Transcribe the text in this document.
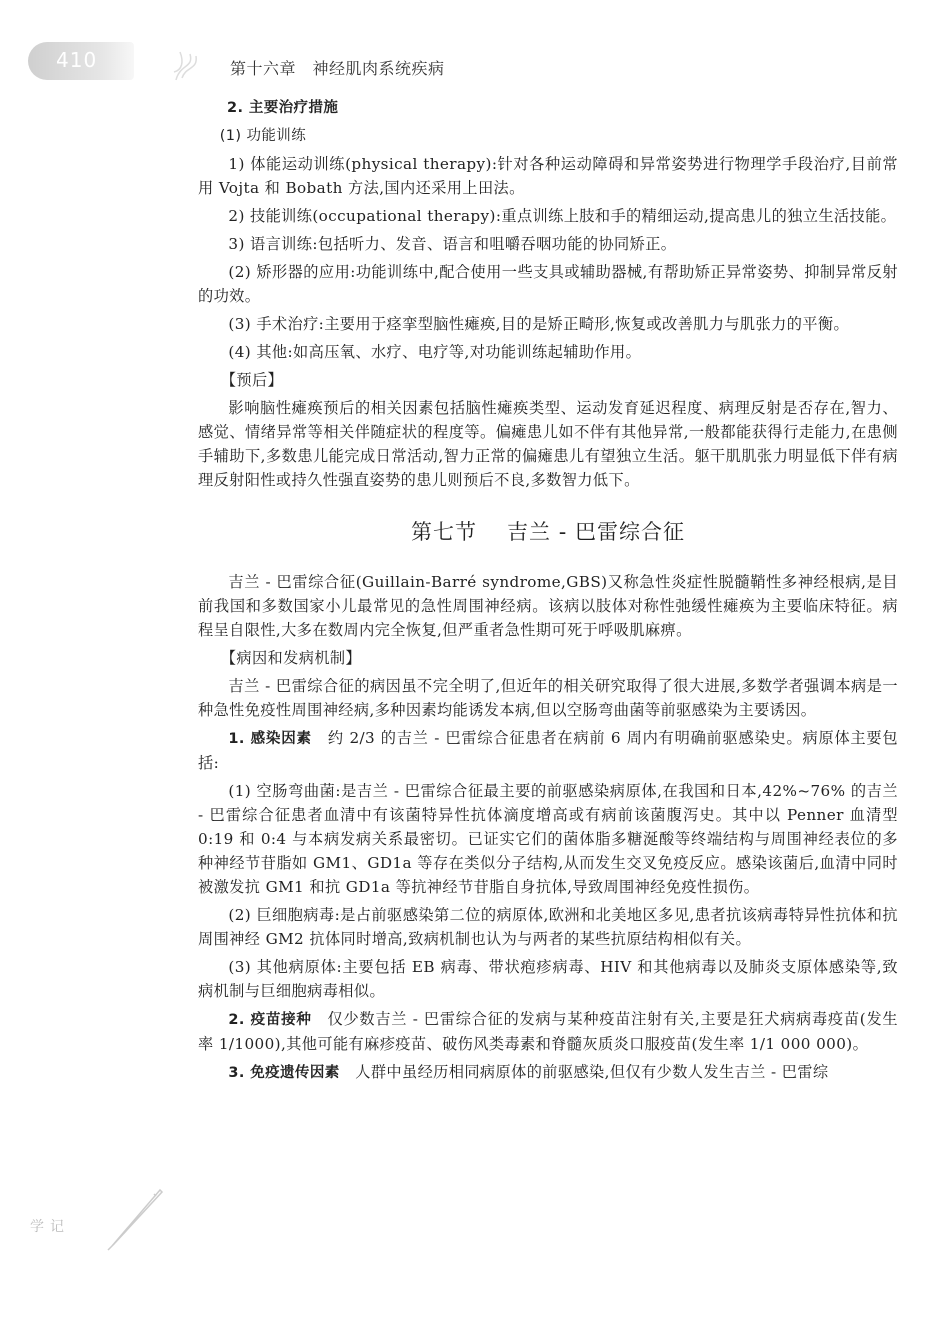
410	第十六章　神经肌肉系统疾病

2. 主要治疗措施

(1) 功能训练

1) 体能运动训练(physical therapy):针对各种运动障碍和异常姿势进行物理学手段治疗,目前常用 Vojta 和 Bobath 方法,国内还采用上田法。

2) 技能训练(occupational therapy):重点训练上肢和手的精细运动,提高患儿的独立生活技能。

3) 语言训练:包括听力、发音、语言和咀嚼吞咽功能的协同矫正。

(2) 矫形器的应用:功能训练中,配合使用一些支具或辅助器械,有帮助矫正异常姿势、抑制异常反射的功效。

(3) 手术治疗:主要用于痉挛型脑性瘫痪,目的是矫正畸形,恢复或改善肌力与肌张力的平衡。

(4) 其他:如高压氧、水疗、电疗等,对功能训练起辅助作用。

【预后】

影响脑性瘫痪预后的相关因素包括脑性瘫痪类型、运动发育延迟程度、病理反射是否存在,智力、感觉、情绪异常等相关伴随症状的程度等。偏瘫患儿如不伴有其他异常,一般都能获得行走能力,在患侧手辅助下,多数患儿能完成日常活动,智力正常的偏瘫患儿有望独立生活。躯干肌肌张力明显低下伴有病理反射阳性或持久性强直姿势的患儿则预后不良,多数智力低下。

第七节 吉兰 - 巴雷综合征

吉兰 - 巴雷综合征(Guillain-Barré syndrome,GBS)又称急性炎症性脱髓鞘性多神经根病,是目前我国和多数国家小儿最常见的急性周围神经病。该病以肢体对称性弛缓性瘫痪为主要临床特征。病程呈自限性,大多在数周内完全恢复,但严重者急性期可死于呼吸肌麻痹。

【病因和发病机制】

吉兰 - 巴雷综合征的病因虽不完全明了,但近年的相关研究取得了很大进展,多数学者强调本病是一种急性免疫性周围神经病,多种因素均能诱发本病,但以空肠弯曲菌等前驱感染为主要诱因。

1. 感染因素　 约 2/3 的吉兰 - 巴雷综合征患者在病前 6 周内有明确前驱感染史。病原体主要包括:

(1) 空肠弯曲菌:是吉兰 - 巴雷综合征最主要的前驱感染病原体,在我国和日本,42%~76% 的吉兰 - 巴雷综合征患者血清中有该菌特异性抗体滴度增高或有病前该菌腹泻史。其中以 Penner 血清型 0:19 和 0:4 与本病发病关系最密切。已证实它们的菌体脂多糖涎酸等终端结构与周围神经表位的多种神经节苷脂如 GM1、GD1a 等存在类似分子结构,从而发生交叉免疫反应。感染该菌后,血清中同时被激发抗 GM1 和抗 GD1a 等抗神经节苷脂自身抗体,导致周围神经免疫性损伤。

(2) 巨细胞病毒:是占前驱感染第二位的病原体,欧洲和北美地区多见,患者抗该病毒特异性抗体和抗周围神经 GM2 抗体同时增高,致病机制也认为与两者的某些抗原结构相似有关。

(3) 其他病原体:主要包括 EB 病毒、带状疱疹病毒、HIV 和其他病毒以及肺炎支原体感染等,致病机制与巨细胞病毒相似。

2. 疫苗接种　 仅少数吉兰 - 巴雷综合征的发病与某种疫苗注射有关,主要是狂犬病病毒疫苗(发生率 1/1000),其他可能有麻疹疫苗、破伤风类毒素和脊髓灰质炎口服疫苗(发生率 1/1 000 000)。

3. 免疫遗传因素　 人群中虽经历相同病原体的前驱感染,但仅有少数人发生吉兰 - 巴雷综

学记
